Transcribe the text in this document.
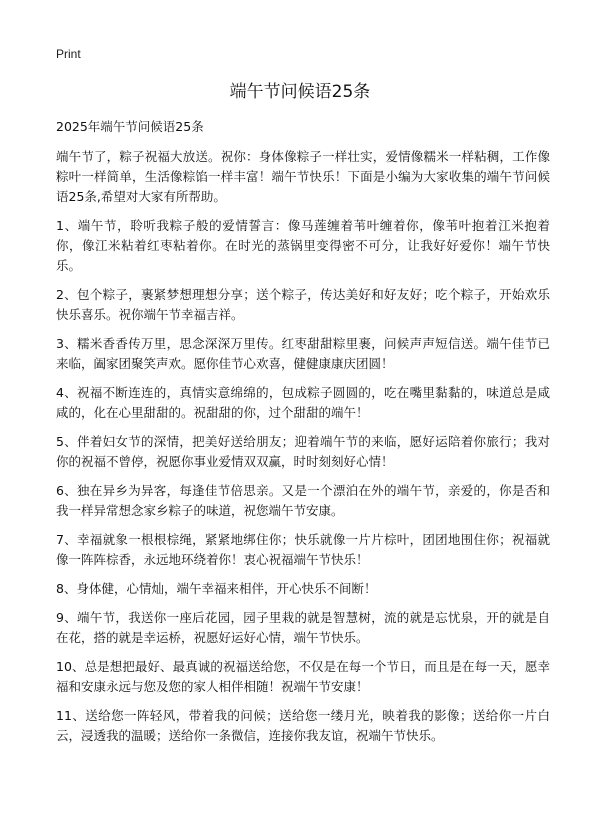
Print
端午节问候语25条
2025年端午节问候语25条

端午节了，粽子祝福大放送。祝你：身体像粽子一样壮实，爱情像糯米一样粘稠，工作像粽叶一样简单，生活像粽馅一样丰富！端午节快乐！下面是小编为大家收集的端午节问候语25条,希望对大家有所帮助。

1、端午节，聆听我粽子般的爱情誓言：像马莲缠着苇叶缠着你，像苇叶抱着江米抱着你，像江米粘着红枣粘着你。在时光的蒸锅里变得密不可分，让我好好爱你！端午节快乐。

2、包个粽子，裹紧梦想理想分享；送个粽子，传达美好和好友好；吃个粽子，开始欢乐快乐喜乐。祝你端午节幸福吉祥。

3、糯米香香传万里，思念深深万里传。红枣甜甜粽里裹，问候声声短信送。端午佳节已来临，阖家团聚笑声欢。愿你佳节心欢喜，健健康康庆团圆！

4、祝福不断连连的，真情实意绵绵的，包成粽子圆圆的，吃在嘴里黏黏的，味道总是咸咸的，化在心里甜甜的。祝甜甜的你，过个甜甜的端午！

5、伴着妇女节的深情，把美好送给朋友；迎着端午节的来临，愿好运陪着你旅行；我对你的祝福不曾停，祝愿你事业爱情双双赢，时时刻刻好心情！

6、独在异乡为异客，每逢佳节倍思亲。又是一个漂泊在外的端午节，亲爱的，你是否和我一样异常想念家乡粽子的味道，祝您端午节安康。

7、幸福就象一根根棕绳，紧紧地绑住你；快乐就像一片片棕叶，团团地围住你；祝福就像一阵阵棕香，永远地环绕着你！衷心祝福端午节快乐！

8、身体健，心情灿，端午幸福来相伴，开心快乐不间断！

9、端午节，我送你一座后花园，园子里栽的就是智慧树，流的就是忘忧泉，开的就是自在花，搭的就是幸运桥，祝愿好运好心情，端午节快乐。

10、总是想把最好、最真诚的祝福送给您，不仅是在每一个节日，而且是在每一天，愿幸福和安康永远与您及您的家人相伴相随！祝端午节安康！

11、送给您一阵轻风，带着我的问候；送给您一缕月光，映着我的影像；送给你一片白云，浸透我的温暖；送给你一条微信，连接你我友谊，祝端午节快乐。
